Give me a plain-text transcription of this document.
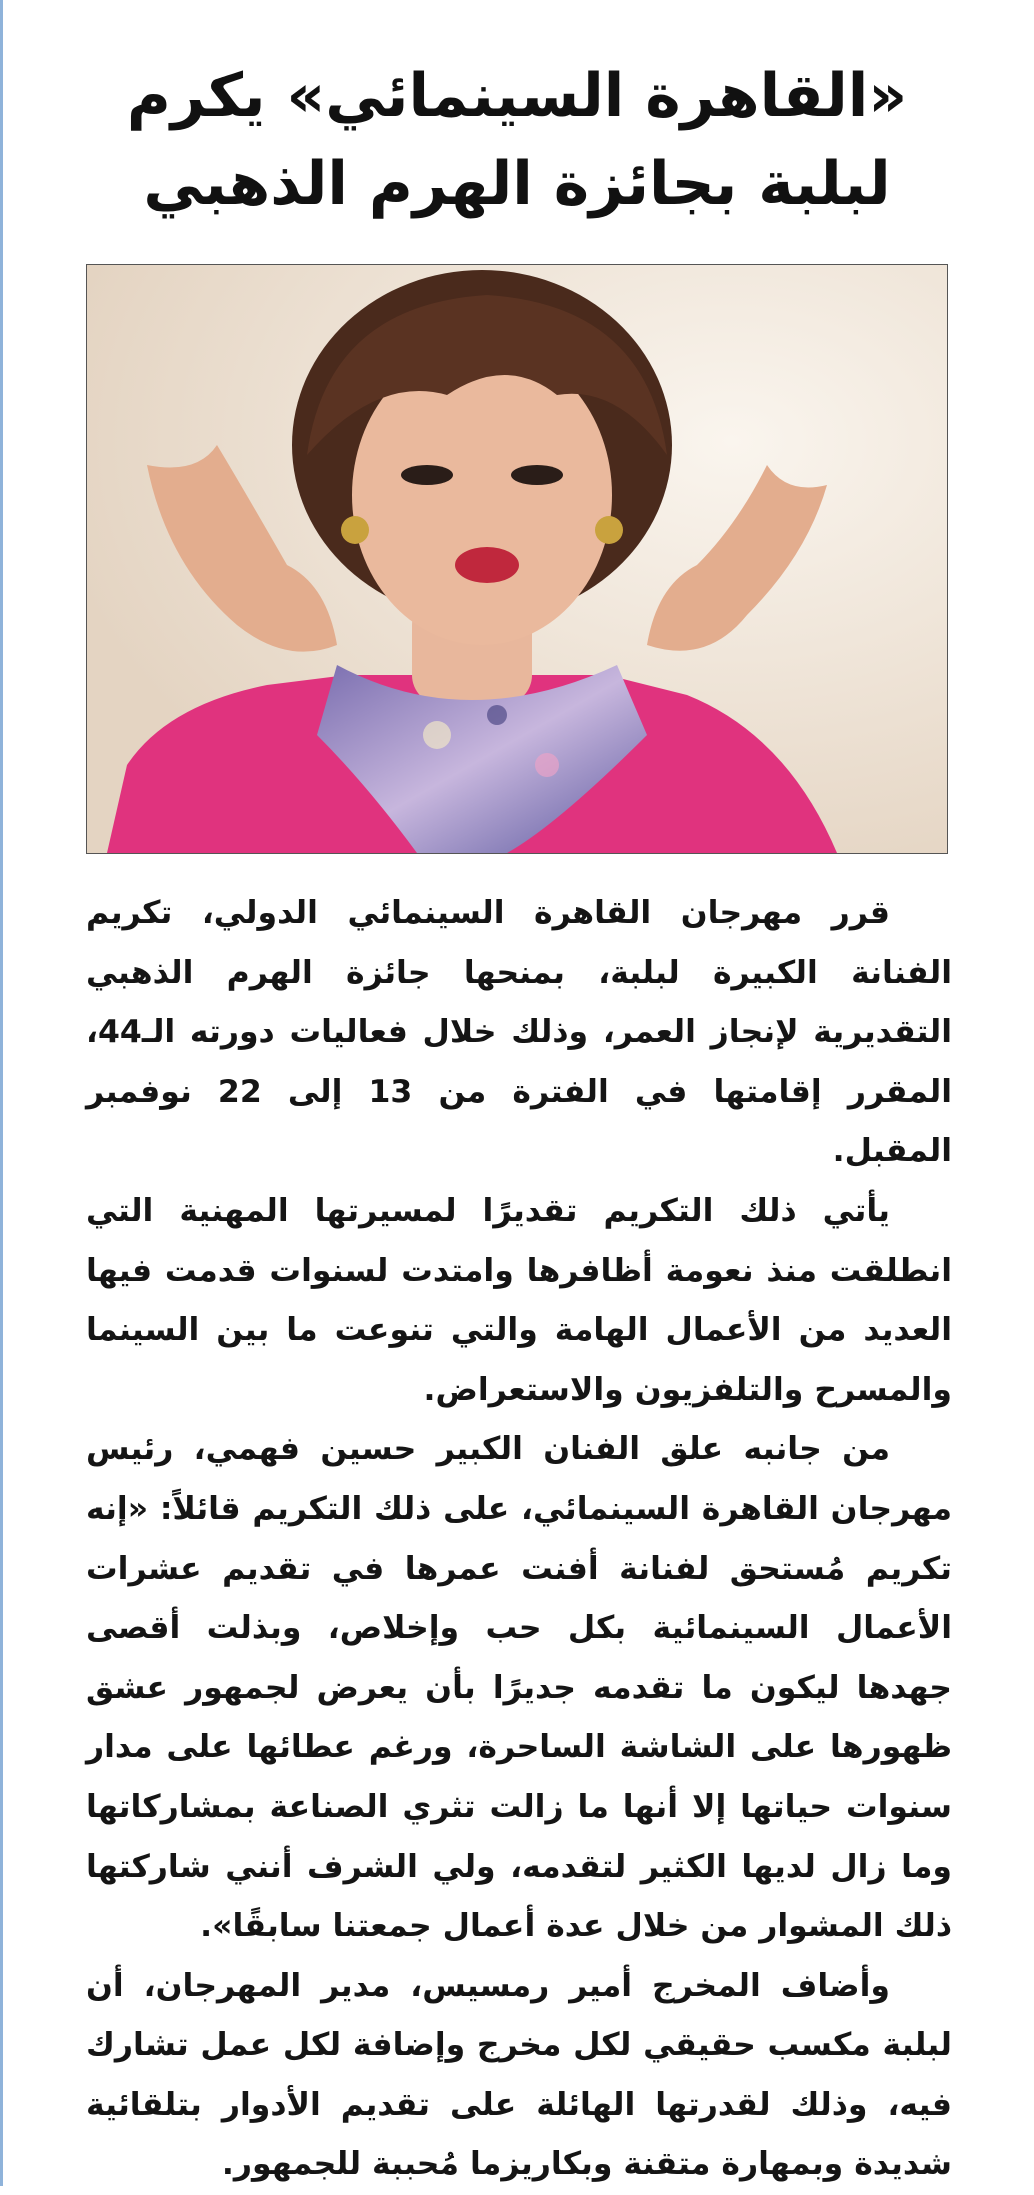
«القاهرة السينمائي» يكرم
لبلبة بجائزة الهرم الذهبي

قرر مهرجان القاهرة السينمائي الدولي، تكريم الفنانة الكبيرة لبلبة، بمنحها جائزة الهرم الذهبي التقديرية لإنجاز العمر، وذلك خلال فعاليات دورته الـ44، المقرر إقامتها في الفترة من 13 إلى 22 نوفمبر المقبل.

يأتي ذلك التكريم تقديرًا لمسيرتها المهنية التي انطلقت منذ نعومة أظافرها وامتدت لسنوات قدمت فيها العديد من الأعمال الهامة والتي تنوعت ما بين السينما والمسرح والتلفزيون والاستعراض.

من جانبه علق الفنان الكبير حسين فهمي، رئيس مهرجان القاهرة السينمائي، على ذلك التكريم قائلاً: «إنه تكريم مُستحق لفنانة أفنت عمرها في تقديم عشرات الأعمال السينمائية بكل حب وإخلاص، وبذلت أقصى جهدها ليكون ما تقدمه جديرًا بأن يعرض لجمهور عشق ظهورها على الشاشة الساحرة، ورغم عطائها على مدار سنوات حياتها إلا أنها ما زالت تثري الصناعة بمشاركاتها وما زال لديها الكثير لتقدمه، ولي الشرف أنني شاركتها ذلك المشوار من خلال عدة أعمال جمعتنا سابقًا».

وأضاف المخرج أمير رمسيس، مدير المهرجان، أن لبلبة مكسب حقيقي لكل مخرج وإضافة لكل عمل تشارك فيه، وذلك لقدرتها الهائلة على تقديم الأدوار بتلقائية شديدة وبمهارة متقنة وبكاريزما مُحببة للجمهور.
